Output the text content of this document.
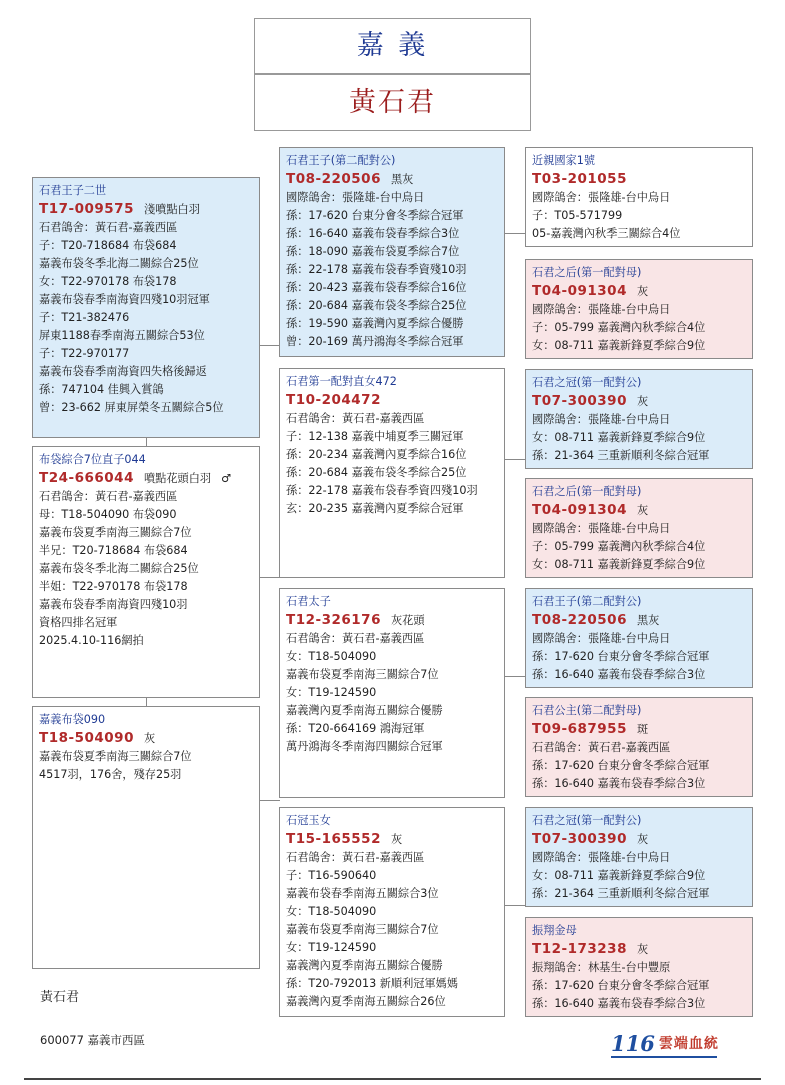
嘉 義
黃石君
石君王子二世
T17-009575 淺噴點白羽
石君鴿舍：黃石君-嘉義西區
子：T20-718684 布袋684
嘉義布袋冬季北海二關綜合25位
女：T22-970178 布袋178
嘉義布袋春季南海資四殘10羽冠軍
子：T21-382476
屏東1188春季南海五關綜合53位
子：T22-970177
嘉義布袋春季南海資四失格後歸返
孫：747104 佳興入賞鴿
曾：23-662 屏東屏榮冬五關綜合5位
布袋綜合7位直子044
T24-666044 噴點花頭白羽 ♂
石君鴿舍：黃石君-嘉義西區
母：T18-504090 布袋090
嘉義布袋夏季南海三關綜合7位
半兄：T20-718684 布袋684
嘉義布袋冬季北海二關綜合25位
半姐：T22-970178 布袋178
嘉義布袋春季南海資四殘10羽
資格四排名冠軍
2025.4.10-116網拍
嘉義布袋090
T18-504090 灰
嘉義布袋夏季南海三關綜合7位
4517羽，176舍，殘存25羽
石君王子(第二配對公)
T08-220506 黑灰
國際鴿舍：張隆雄-台中烏日
孫：17-620 台東分會冬季綜合冠軍
孫：16-640 嘉義布袋春季綜合3位
孫：18-090 嘉義布袋夏季綜合7位
孫：22-178 嘉義布袋春季資殘10羽
孫：20-423 嘉義布袋春季綜合16位
孫：20-684 嘉義布袋冬季綜合25位
孫：19-590 嘉義灣內夏季綜合優勝
曾：20-169 萬丹鴻海冬季綜合冠軍
石君第一配對直女472
T10-204472
石君鴿舍：黃石君-嘉義西區
子：12-138 嘉義中埔夏季三關冠軍
孫：20-234 嘉義灣內夏季綜合16位
孫：20-684 嘉義布袋冬季綜合25位
孫：22-178 嘉義布袋春季資四殘10羽
玄：20-235 嘉義灣內夏季綜合冠軍
石君太子
T12-326176 灰花頭
石君鴿舍：黃石君-嘉義西區
女：T18-504090
嘉義布袋夏季南海三關綜合7位
女：T19-124590
嘉義灣內夏季南海五關綜合優勝
孫：T20-664169 鴻海冠軍
萬丹鴻海冬季南海四關綜合冠軍
石冠玉女
T15-165552 灰
石君鴿舍：黃石君-嘉義西區
子：T16-590640
嘉義布袋春季南海五關綜合3位
女：T18-504090
嘉義布袋夏季南海三關綜合7位
女：T19-124590
嘉義灣內夏季南海五關綜合優勝
孫：T20-792013 新順利冠軍媽媽
嘉義灣內夏季南海五關綜合26位
近親國家1號
T03-201055
國際鴿舍：張隆雄-台中烏日
子：T05-571799
05-嘉義灣內秋季三關綜合4位
石君之后(第一配對母)
T04-091304 灰
國際鴿舍：張隆雄-台中烏日
子：05-799 嘉義灣內秋季綜合4位
女：08-711 嘉義新鋒夏季綜合9位
石君之冠(第一配對公)
T07-300390 灰
國際鴿舍：張隆雄-台中烏日
女：08-711 嘉義新鋒夏季綜合9位
孫：21-364 三重新順利冬綜合冠軍
石君之后(第一配對母)
T04-091304 灰
國際鴿舍：張隆雄-台中烏日
子：05-799 嘉義灣內秋季綜合4位
女：08-711 嘉義新鋒夏季綜合9位
石君王子(第二配對公)
T08-220506 黑灰
國際鴿舍：張隆雄-台中烏日
孫：17-620 台東分會冬季綜合冠軍
孫：16-640 嘉義布袋春季綜合3位
石君公主(第二配對母)
T09-687955 斑
石君鴿舍：黃石君-嘉義西區
孫：17-620 台東分會冬季綜合冠軍
孫：16-640 嘉義布袋春季綜合3位
石君之冠(第一配對公)
T07-300390 灰
國際鴿舍：張隆雄-台中烏日
女：08-711 嘉義新鋒夏季綜合9位
孫：21-364 三重新順利冬綜合冠軍
振翔金母
T12-173238 灰
振翔鴿舍：林基生-台中豐原
孫：17-620 台東分會冬季綜合冠軍
孫：16-640 嘉義布袋春季綜合3位
黃石君
600077 嘉義市西區	116 雲端血統
